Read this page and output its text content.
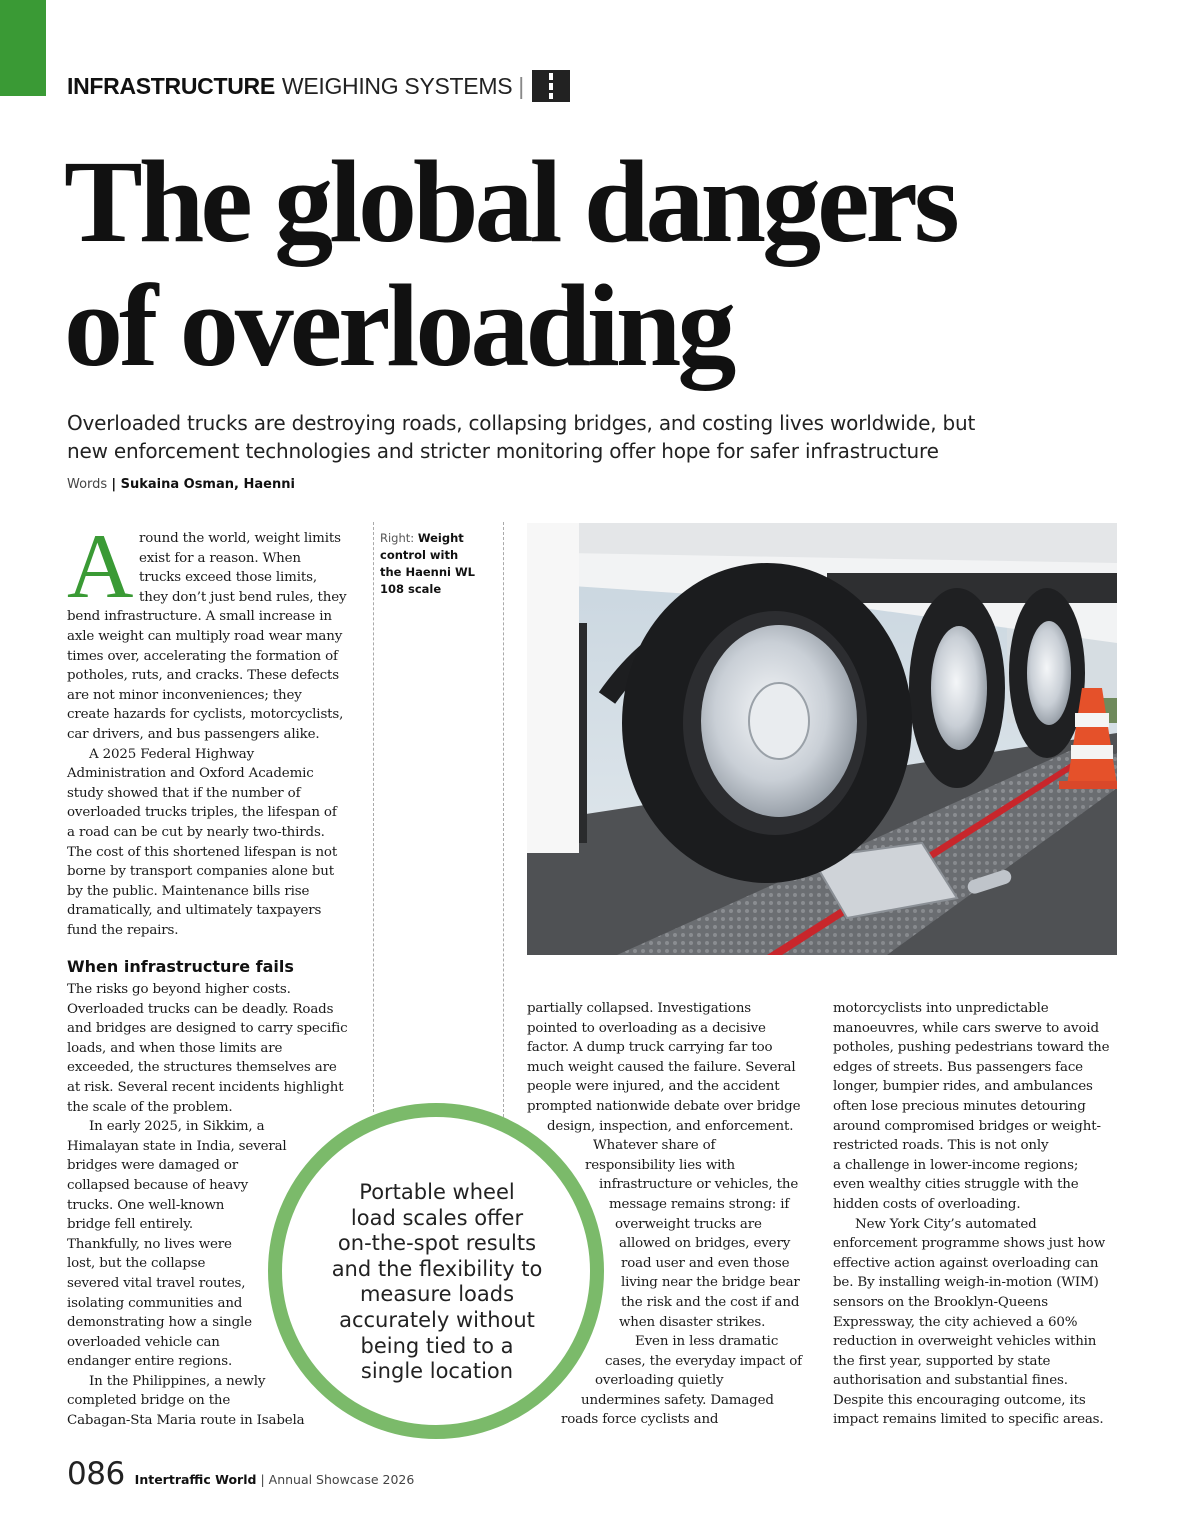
INFRASTRUCTURE WEIGHING SYSTEMS |
The global dangers
of overloading
Overloaded trucks are destroying roads, collapsing bridges, and costing lives worldwide, but
new enforcement technologies and stricter monitoring offer hope for safer infrastructure
Words | Sukaina Osman, Haenni
A round the world, weight limits
exist for a reason. When
trucks exceed those limits,
they don’t just bend rules, they
bend infrastructure. A small increase in
axle weight can multiply road wear many
times over, accelerating the formation of
potholes, ruts, and cracks. These defects
are not minor inconveniences; they
create hazards for cyclists, motorcyclists,
car drivers, and bus passengers alike.
A 2025 Federal Highway
Administration and Oxford Academic
study showed that if the number of
overloaded trucks triples, the lifespan of
a road can be cut by nearly two-thirds.
The cost of this shortened lifespan is not
borne by transport companies alone but
by the public. Maintenance bills rise
dramatically, and ultimately taxpayers
fund the repairs.
When infrastructure fails
The risks go beyond higher costs.
Overloaded trucks can be deadly. Roads
and bridges are designed to carry specific
loads, and when those limits are
exceeded, the structures themselves are
at risk. Several recent incidents highlight
the scale of the problem.
In early 2025, in Sikkim, a
Himalayan state in India, several
bridges were damaged or
collapsed because of heavy
trucks. One well-known
bridge fell entirely.
Thankfully, no lives were
lost, but the collapse
severed vital travel routes,
isolating communities and
demonstrating how a single
overloaded vehicle can
endanger entire regions.
In the Philippines, a newly
completed bridge on the
Cabagan-Sta Maria route in Isabela
Right: Weight
control with
the Haenni WL
108 scale
partially collapsed. Investigations
pointed to overloading as a decisive
factor. A dump truck carrying far too
much weight caused the failure. Several
people were injured, and the accident
prompted nationwide debate over bridge
design, inspection, and enforcement.
Whatever share of
responsibility lies with
infrastructure or vehicles, the
message remains strong: if
overweight trucks are
allowed on bridges, every
road user and even those
living near the bridge bear
the risk and the cost if and
when disaster strikes.
Even in less dramatic
cases, the everyday impact of
overloading quietly
undermines safety. Damaged
roads force cyclists and
motorcyclists into unpredictable
manoeuvres, while cars swerve to avoid
potholes, pushing pedestrians toward the
edges of streets. Bus passengers face
longer, bumpier rides, and ambulances
often lose precious minutes detouring
around compromised bridges or weight-
restricted roads. This is not only
a challenge in lower-income regions;
even wealthy cities struggle with the
hidden costs of overloading.
New York City’s automated
enforcement programme shows just how
effective action against overloading can
be. By installing weigh-in-motion (WIM)
sensors on the Brooklyn-Queens
Expressway, the city achieved a 60%
reduction in overweight vehicles within
the first year, supported by state
authorisation and substantial fines.
Despite this encouraging outcome, its
impact remains limited to specific areas.
Portable wheel
load scales offer
on-the-spot results
and the flexibility to
measure loads
accurately without
being tied to a
single location
086 Intertraffic World | Annual Showcase 2026
